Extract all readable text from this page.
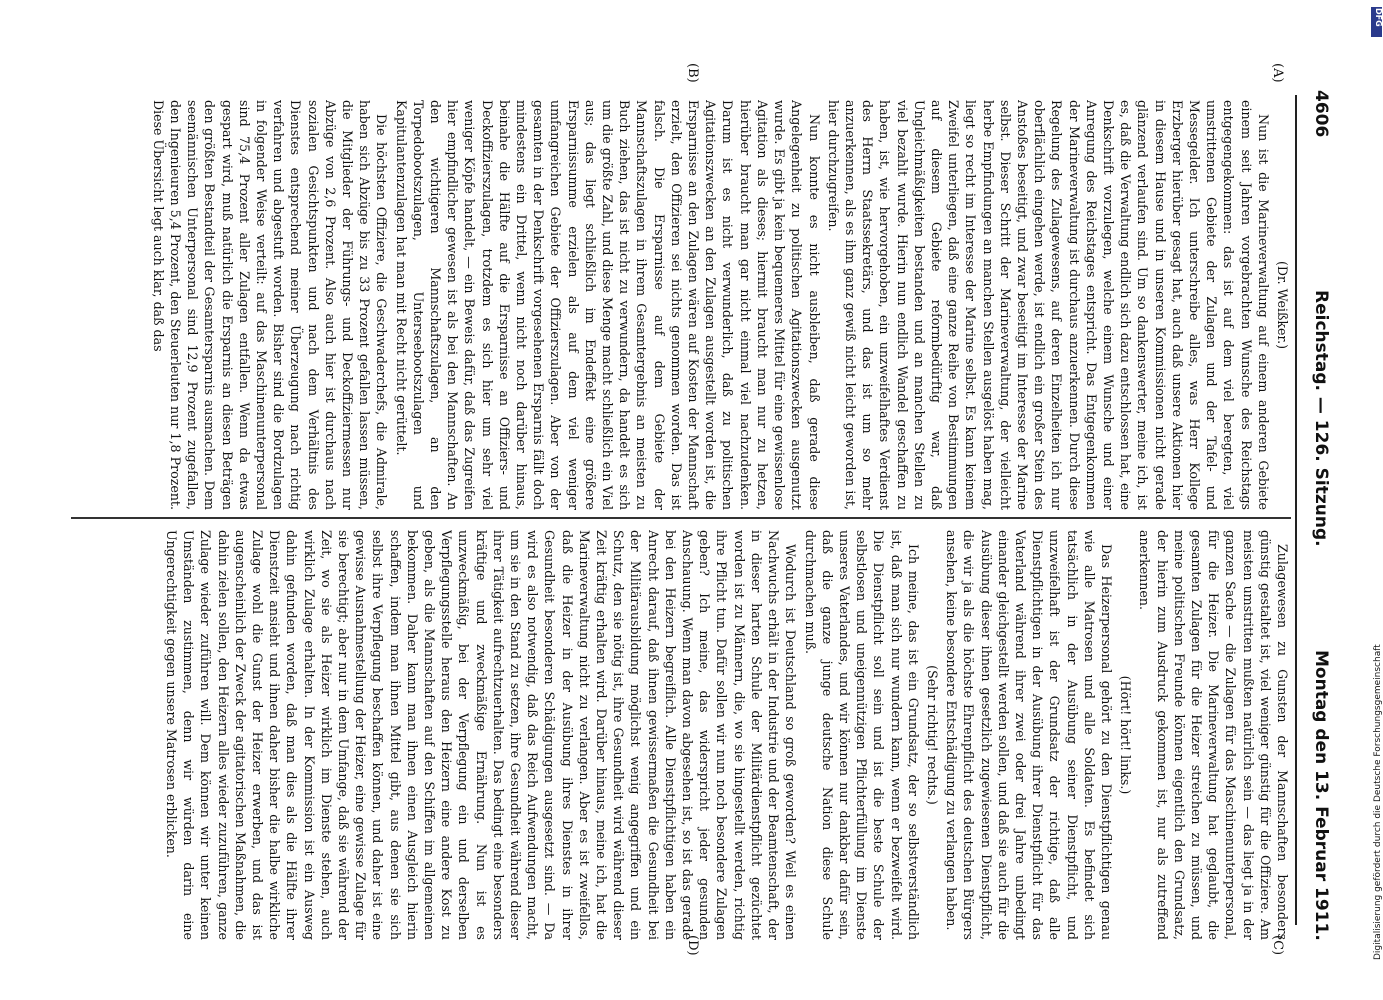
4606
Reichstag. — 126. Sitzung.
Montag den 13. Februar 1911.
(A)
(B)
(C)
(D)

(Dr. Weißker.)

Nun ist die Marineverwaltung auf einem anderen Gebiete einem seit Jahren vorgebrachten Wunsche des Reichstags entgegengekommen: das ist auf dem viel beregten, viel umstrittenen Gebiete der Zulagen und der Tafel- und Messegelder. Ich unterschreibe alles, was Herr Kollege Erzberger hierüber gesagt hat, auch daß unsere Aktionen hier in diesem Hause und in unseren Kommissionen nicht gerade glänzend verlaufen sind. Um so dankenswerter, meine ich, ist es, daß die Verwaltung endlich sich dazu entschlossen hat, eine Denkschrift vorzulegen, welche einem Wunsche und einer Anregung des Reichstages entspricht. Das Entgegenkommen der Marineverwaltung ist durchaus anzuerkennen. Durch diese Regelung des Zulagewesens, auf deren Einzelheiten ich nur oberflächlich eingehen werde, ist endlich ein großer Stein des Anstoßes beseitigt, und zwar beseitigt im Interesse der Marine selbst. Dieser Schritt der Marineverwaltung, der vielleicht herbe Empfindungen an manchen Stellen ausgelöst haben mag, liegt so recht im Interesse der Marine selbst. Es kann keinem Zweifel unterliegen, daß eine ganze Reihe von Bestimmungen auf diesem Gebiete reformbedürftig war, daß Ungleichmäßigkeiten bestanden und an manchen Stellen zu viel bezahlt wurde. Hierin nun endlich Wandel geschaffen zu haben, ist, wie hervorgehoben, ein unzweifelhaftes Verdienst des Herrn Staatssekretärs, und das ist um so mehr anzuerkennen, als es ihm ganz gewiß nicht leicht geworden ist, hier durchzugreifen.

Nun konnte es nicht ausbleiben, daß gerade diese Angelegenheit zu politischen Agitationszwecken ausgenutzt wurde. Es gibt ja kein bequemeres Mittel für eine gewissenlose Agitation als dieses; hiermit braucht man nur zu hetzen, hierüber braucht man gar nicht einmal viel nachzudenken. Darum ist es nicht verwunderlich, daß zu politischen Agitationszwecken an den Zulagen ausgestellt worden ist, die Ersparnisse an den Zulagen wären auf Kosten der Mannschaft erzielt, den Offizieren sei nichts genommen worden. Das ist falsch. Die Ersparnisse auf dem Gebiete der Mannschaftszulagen in ihrem Gesamtergebnis an meisten zu Buch ziehen, das ist nicht zu verwundern, da handelt es sich um die größte Zahl, und diese Menge macht schließlich ein Viel aus; das liegt schließlich im Endeffekt eine größere Ersparnissumme erzielen als auf dem viel weniger umfangreichen Gebiete der Offizierszulagen. Aber von der gesamten in der Denkschrift vorgesehenen Ersparnis fällt doch mindestens ein Drittel, wenn nicht noch darüber hinaus, beinahe die Hälfte auf die Ersparnisse an Offiziers- und Deckoffizierszulagen, trotzdem es sich hier um sehr viel weniger Köpfe handelt, — ein Beweis dafür, daß das Zugreifen hier empfindlicher gewesen ist als bei den Mannschaften. An den wichtigeren Mannschaftszulagen, an den Torpedobootszulagen, Unterseebootszulagen und Kapitulantenzulagen hat man mit Recht nicht gerüttelt.

Die höchsten Offiziere, die Geschwaderchefs, die Admirale, haben sich Abzüge bis zu 33 Prozent gefallen lassen müssen, die Mitglieder der Führungs- und Deckoffiziermessen nur Abzüge von 2,6 Prozent. Also auch hier ist durchaus nach sozialen Gesichtspunkten und nach dem Verhältnis des Dienstes entsprechend meiner Überzeugung nach richtig verfahren und abgestuft worden. Bisher sind die Bordzulagen in folgender Weise verteilt: auf das Maschinenunterpersonal sind 75,4 Prozent aller Zulagen entfallen. Wenn da etwas gespart wird, muß natürlich die Ersparnis an diesen Beträgen den größten Bestandteil der Gesamtersparnis ausmachen. Dem seemännischen Unterpersonal sind 12,9 Prozent zugefallen, den Ingenieuren 5,4 Prozent, den Steuerleuten nur 1,8 Prozent. Diese Übersicht legt auch klar, daß das

Zulagewesen zu Gunsten der Mannschaften besonders günstig gestaltet ist, viel weniger günstig für die Offiziere. Am meisten umstritten mußten natürlich sein — das liegt ja in der ganzen Sache — die Zulagen für das Maschinenunterpersonal, für die Heizer. Die Marineverwaltung hat geglaubt, die gesamten Zulagen für die Heizer streichen zu müssen, und meine politischen Freunde können eigentlich den Grundsatz, der hierin zum Ausdruck gekommen ist, nur als zutreffend anerkennen.

(Hört! hört! links.)

Das Heizerpersonal gehört zu den Dienstpflichtigen genau wie alle Matrosen und alle Soldaten. Es befindet sich tatsächlich in der Ausübung seiner Dienstpflicht, und unzweifelhaft ist der Grundsatz der richtige, daß alle Dienstpflichtigen in der Ausübung ihrer Dienstpflicht für das Vaterland während ihrer zwei oder drei Jahre unbedingt einander gleichgestellt werden sollen, und daß sie auch für die Ausübung dieser ihnen gesetzlich zugewiesenen Dienstpflicht, die wir ja als die höchste Ehrenpflicht des deutschen Bürgers ansehen, keine besondere Entschädigung zu verlangen haben.

(Sehr richtig! rechts.)

Ich meine, das ist ein Grundsatz, der so selbstverständlich ist, daß man sich nur wundern kann, wenn er bezweifelt wird. Die Dienstpflicht soll sein und ist die beste Schule der selbstlosen und uneigennützigen Pflichterfüllung im Dienste unseres Vaterlandes, und wir können nur dankbar dafür sein, daß die ganze junge deutsche Nation diese Schule durchmachen muß.

Wodurch ist Deutschland so groß geworden? Weil es einen Nachwuchs erhält in der Industrie und der Beamtenschaft, der in dieser harten Schule der Militärdienstpflicht gezüchtet worden ist zu Männern, die, wo sie hingestellt werden, richtig ihre Pflicht tun. Dafür sollen wir nun noch besondere Zulagen geben? Ich meine, das widerspricht jeder gesunden Anschauung. Wenn man davon abgesehen ist, so ist das gerade bei den Heizern begreiflich. Alle Dienstpflichtigen haben ein Anrecht darauf, daß ihnen gewissermaßen die Gesundheit bei der Militärausbildung möglichst wenig angegriffen und ein Schutz, den sie nötig ist, ihre Gesundheit wird während dieser Zeit kräftig erhalten wird. Darüber hinaus, meine ich, hat die Marineverwaltung nicht zu verlangen. Aber es ist zweifellos, daß die Heizer in der Ausübung ihres Dienstes in ihrer Gesundheit besonderen Schädigungen ausgesetzt sind. — Da wird es also notwendig, daß das Reich Aufwendungen macht, um sie in den Stand zu setzen, ihre Gesundheit während dieser ihrer Tätigkeit aufrechtzuerhalten. Das bedingt eine besonders kräftige und zweckmäßige Ernährung. Nun ist es unzweckmäßig, bei der Verpflegung ein und derselben Verpflegungsstelle heraus den Heizern eine andere Kost zu geben, als die Mannschaften auf den Schiffen im allgemeinen bekommen. Daher kann man ihnen einen Ausgleich hierin schaffen, indem man ihnen Mittel gibt, aus denen sie sich selbst ihre Verpflegung beschaffen können, und daher ist eine gewisse Ausnahmestellung der Heizer, eine gewisse Zulage für sie berechtigt; aber nur in dem Umfange, daß sie während der Zeit, wo sie als Heizer wirklich im Dienste stehen, auch wirklich Zulage erhalten. In der Kommission ist ein Ausweg dahin gefunden worden, daß man dies als die Hälfte ihrer Dienstzeit ansieht und ihnen daher bisher die halbe wirkliche Zulage wohl die Gunst der Heizer erwerben, und das ist augenscheinlich der Zweck der agitatorischen Maßnahmen, die dahin zielen sollen, den Heizern alles wieder zuzuführen, ganze Zulage wieder zuführen will. Dem können wir unter keinen Umständen zustimmen, denn wir würden darin eine Ungerechtigkeit gegen unsere Matrosen erblicken.

DFG
Digitalisierung gefördert durch die Deutsche Forschungsgemeinschaft
